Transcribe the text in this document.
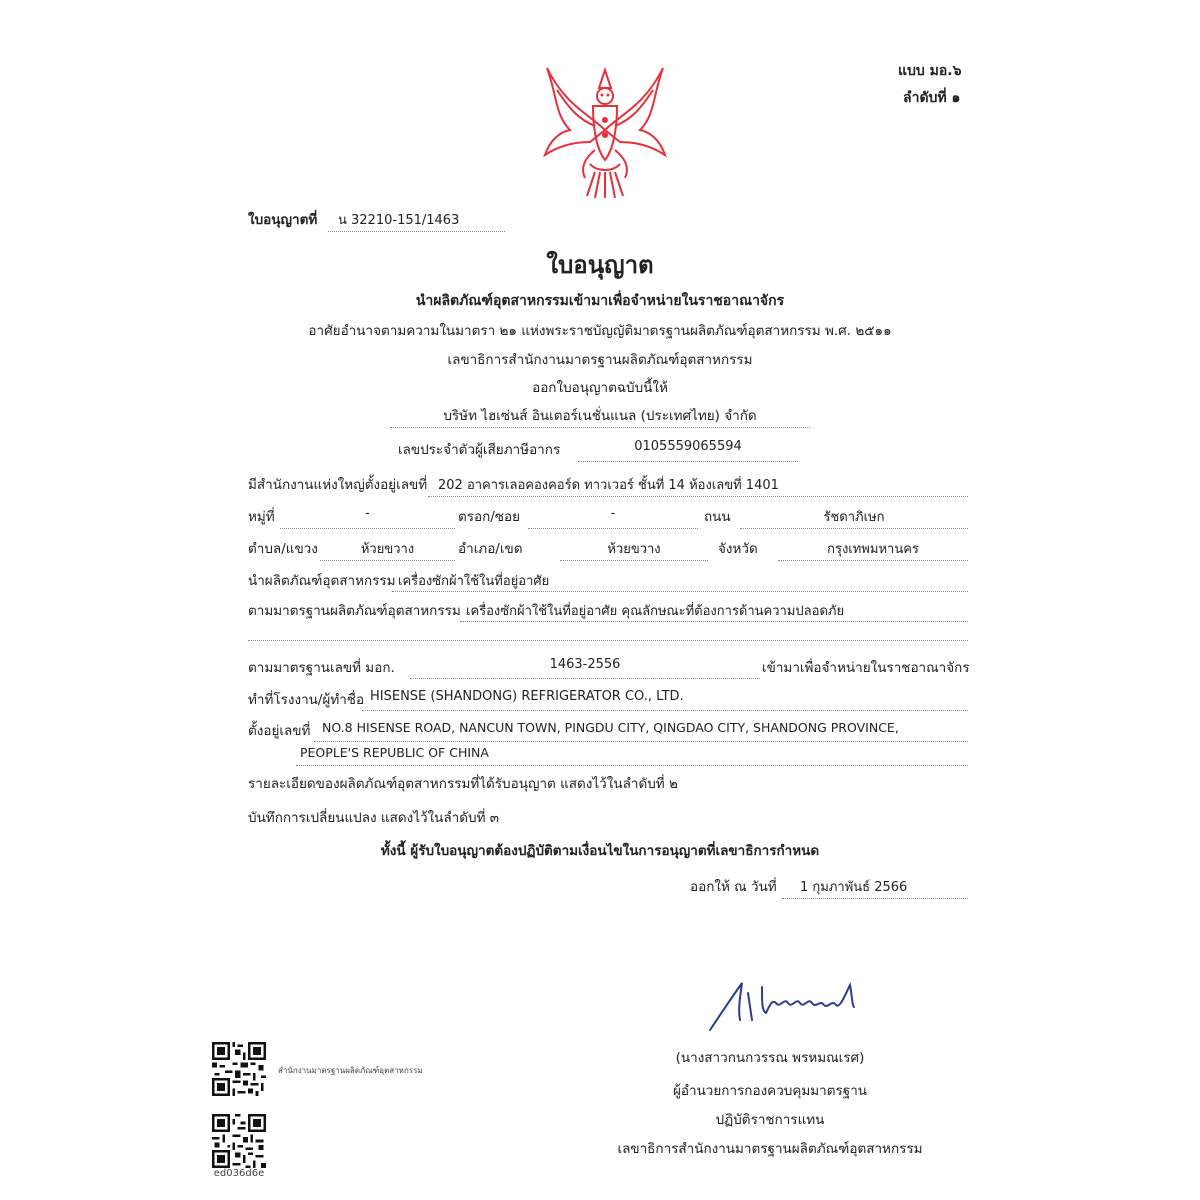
แบบ มอ.๖
ลำดับที่ ๑
ใบอนุญาตที่ น 32210-151/1463
ใบอนุญาต
นำผลิตภัณฑ์อุตสาหกรรมเข้ามาเพื่อจำหน่ายในราชอาณาจักร
อาศัยอำนาจตามความในมาตรา ๒๑ แห่งพระราชบัญญัติมาตรฐานผลิตภัณฑ์อุตสาหกรรม พ.ศ. ๒๕๑๑
เลขาธิการสำนักงานมาตรฐานผลิตภัณฑ์อุตสาหกรรม
ออกใบอนุญาตฉบับนี้ให้
บริษัท ไฮเซ่นส์ อินเตอร์เนชั่นแนล (ประเทศไทย) จำกัด
เลขประจำตัวผู้เสียภาษีอากร	0105559065594
มีสำนักงานแห่งใหญ่ตั้งอยู่เลขที่ 202 อาคารเลอคองคอร์ด ทาวเวอร์ ชั้นที่ 14 ห้องเลขที่ 1401
หมู่ที่	-	ตรอก/ซอย	-	ถนน	รัชดาภิเษก
ตำบล/แขวง	ห้วยขวาง	อำเภอ/เขต	ห้วยขวาง	จังหวัด	กรุงเทพมหานคร
นำผลิตภัณฑ์อุตสาหกรรม เครื่องซักผ้าใช้ในที่อยู่อาศัย
ตามมาตรฐานผลิตภัณฑ์อุตสาหกรรม เครื่องซักผ้าใช้ในที่อยู่อาศัย คุณลักษณะที่ต้องการด้านความปลอดภัย
ตามมาตรฐานเลขที่ มอก.	1463-2556	เข้ามาเพื่อจำหน่ายในราชอาณาจักร
ทำที่โรงงาน/ผู้ทำชื่อ HISENSE (SHANDONG) REFRIGERATOR CO., LTD.
ตั้งอยู่เลขที่ NO.8 HISENSE ROAD, NANCUN TOWN, PINGDU CITY, QINGDAO CITY, SHANDONG PROVINCE,
PEOPLE'S REPUBLIC OF CHINA
รายละเอียดของผลิตภัณฑ์อุตสาหกรรมที่ได้รับอนุญาต แสดงไว้ในลำดับที่ ๒
บันทึกการเปลี่ยนแปลง แสดงไว้ในลำดับที่ ๓
ทั้งนี้ ผู้รับใบอนุญาตต้องปฏิบัติตามเงื่อนไขในการอนุญาตที่เลขาธิการกำหนด
ออกให้ ณ วันที่ 1 กุมภาพันธ์ 2566
(นางสาวกนกวรรณ พรหมณเรศ)
ผู้อำนวยการกองควบคุมมาตรฐาน
ปฏิบัติราชการแทน
เลขาธิการสำนักงานมาตรฐานผลิตภัณฑ์อุตสาหกรรม
สำนักงานมาตรฐานผลิตภัณฑ์อุตสาหกรรม
ed036d6e
